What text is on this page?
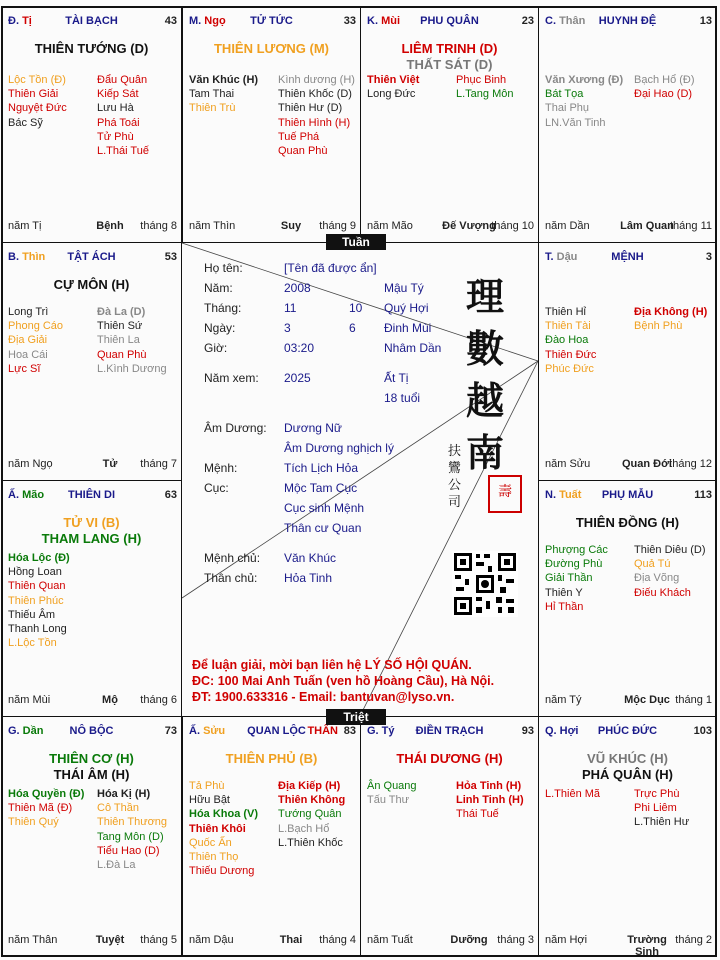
Đ. Tị	TÀI BẠCH	43
THIÊN TƯỚNG (D)
Lộc Tồn (Đ)
Thiên Giải
Nguyệt Đức
Bác Sỹ
Đẩu Quân
Kiếp Sát
Lưu Hà
Phá Toái
Tử Phù
L.Thái Tuế
năm Tị	Bệnh	tháng 8
M. Ngọ	TỬ TỨC	33
THIÊN LƯƠNG (M)
Văn Khúc (H)
Tam Thai
Thiên Trù
Kình dương (H)
Thiên Khốc (D)
Thiên Hư (D)
Thiên Hình (H)
Tuế Phá
Quan Phù
năm Thìn	Suy	tháng 9
K. Mùi	PHU QUÂN	23
LIÊM TRINH (D)
THẤT SÁT (D)
Thiên Việt
Long Đức
Phục Binh
L.Tang Môn
năm Mão	Đế Vượng
tháng 10
C. Thân	HUYNH ĐỆ	13
Văn Xương (Đ)
Bát Tọa
Thai Phụ
LN.Văn Tinh
Bạch Hổ (Đ)
Đại Hao (D)
năm Dần	Lâm Quan
tháng 11
B. Thìn	TẬT ÁCH	53
CỰ MÔN (H)
Long Trì
Phong Cáo
Địa Giải
Hoa Cái
Lực Sĩ
Đà La (D)
Thiên Sứ
Thiên La
Quan Phù
L.Kình Dương
năm Ngọ	Tử	tháng 7
T. Dậu	MỆNH	3
Thiên Hỉ
Thiên Tài
Đào Hoa
Thiên Đức
Phúc Đức
Địa Không (H)
Bệnh Phù
năm Sửu	Quan Đới
tháng 12
Ấ. Mão	THIÊN DI	63
TỬ VI (B)
THAM LANG (H)
Hóa Lộc (Đ)
Hồng Loan
Thiên Quan
Thiên Phúc
Thiếu Âm
Thanh Long
L.Lộc Tồn
năm Mùi	Mộ	tháng 6
N. Tuất	PHỤ MẪU	113
THIÊN ĐỒNG (H)
Phượng Các
Đường Phù
Giải Thần
Thiên Y
Hỉ Thần
Thiên Diêu (D)
Quả Tú
Địa Võng
Điếu Khách
năm Tý	Mộc Dục tháng 1
G. Dần	NÔ BỘC	73
THIÊN CƠ (H)
THÁI ÂM (H)
Hóa Quyền (Đ)
Thiên Mã (Đ)
Thiên Quý
Hóa Kị (H)
Cô Thần
Thiên Thương
Tang Môn (D)
Tiểu Hao (D)
L.Đà La
năm Thân	Tuyệt	tháng 5
Ấ. Sửu	QUAN LỘC THÂN 83
THIÊN PHỦ (B)
Tả Phù
Hữu Bật
Hóa Khoa (V)
Thiên Khôi
Quốc Ấn
Thiên Thọ
Thiếu Dương
Địa Kiếp (H)
Thiên Không
Tướng Quân
L.Bạch Hổ
L.Thiên Khốc
năm Dậu	Thai	tháng 4
G. Tý	ĐIỀN TRẠCH	93
THÁI DƯƠNG (H)
Ân Quang
Tấu Thư
Hỏa Tinh (H)
Linh Tinh (H)
Thái Tuế
năm Tuất	Dưỡng tháng 3
Q. Hợi	PHÚC ĐỨC	103
VŨ KHÚC (H)
PHÁ QUÂN (H)
L.Thiên Mã	Trực Phù
Phi Liêm
L.Thiên Hư
năm Hợi	Trường Sinh
tháng 2
Tuần
Triệt
Họ tên:	[Tên đã được ẩn]
Năm:	2008	Mậu Tý
Tháng:	11	10 Quý Hợi
Ngày:	3	6 Đinh Mùi
Giờ:	03:20	Nhâm Dần
Năm xem: 2025	Ất Tị
18 tuổi
Âm Dương: Dương Nữ
Âm Dương nghịch lý
Mệnh:	Tích Lịch Hỏa
Cục:	Mộc Tam Cục
Cục sinh Mệnh
Thân cư Quan
Mệnh chủ: Văn Khúc
Thân chủ: Hỏa Tinh
理
數
越
南
扶
鸞
公
司
壽
Để luận giải, mời bạn liên hệ LÝ SỐ HỘI QUÁN.
ĐC: 100 Mai Anh Tuấn (ven hồ Hoàng Cầu), Hà Nội.
ĐT: 1900.633316 - Email: bantuvan@lyso.vn.
